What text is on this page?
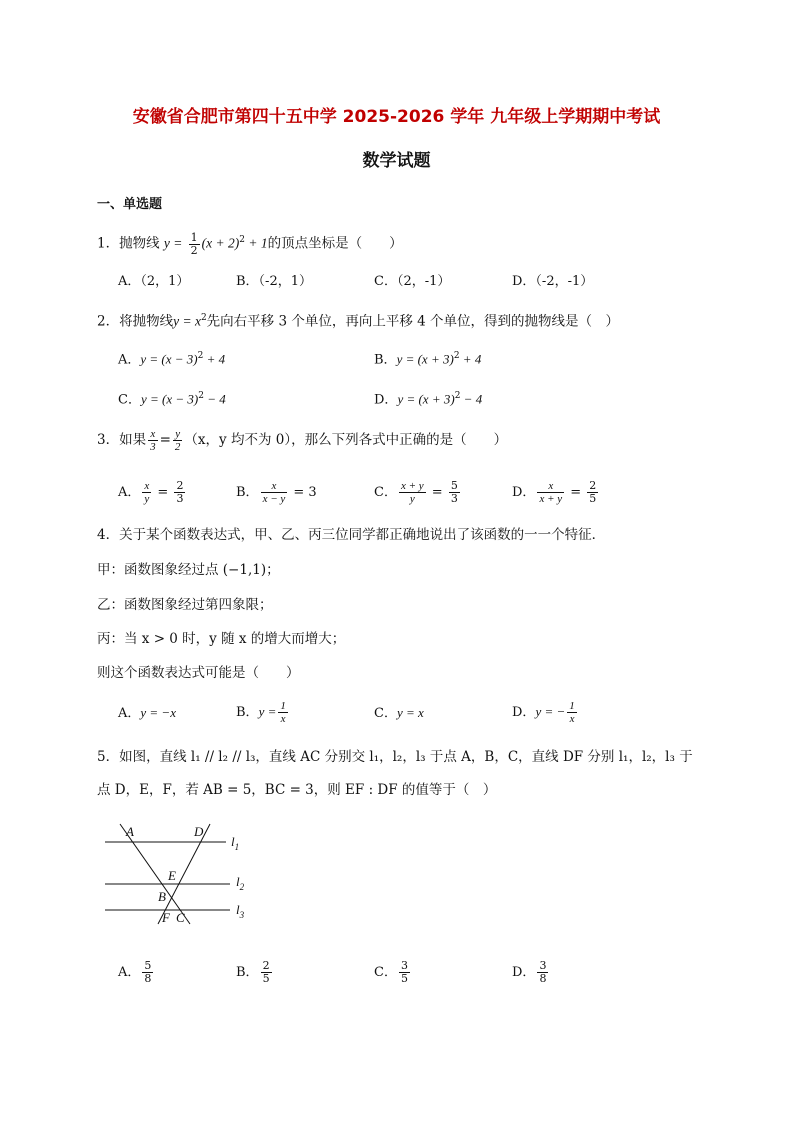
安徽省合肥市第四十五中学 2025-2026 学年 九年级上学期期中考试
数学试题
一、单选题
1．抛物线 $y = \frac{1}{2} (x + 2)^2 + 1$的顶点坐标是（　　）
A．（2，1）	B．（-2，1）	C．（2，-1）	D．（-2，-1）
2．将抛物线$y = x^2$先向右平移 3 个单位，再向上平移 4 个单位，得到的抛物线是（　）
A．$y = (x - 3)^2 + 4$	B．$y = (x + 3)^2 + 4$
C．$y = (x - 3)^2 - 4$	D．$y = (x + 3)^2 - 4$
3．如果 $\frac{x}{3} = \frac{y}{2} (x$，y 均不为 0），那么下列各式中正确的是（　　）
A． $\frac{x}{y} = \frac{2}{3}$	B． $\frac{x}{x - y} = 3$	C． $\frac{x + y}{y} = \frac{5}{3}$	D． $\frac{x}{x + y} = \frac{2}{5}$
4．关于某个函数表达式，甲、乙、丙三位同学都正确地说出了该函数的一一个特征．
甲：函数图象经过点 (−1,1)；
乙：函数图象经过第四象限；
丙：当 x > 0 时，y 随 x 的增大而增大；
则这个函数表达式可能是（　　）
A．y = −x	B．$y = \frac{1}{x}$	C．y = x	D．y = − $\frac{1}{x}$
5．如图，直线 l₁ // l₂ // l₃，直线 AC 分别交 l₁，l₂，l₃ 于点 A，B，C，直线 DF 分别 l₁，l₂，l₃ 于
点 D，E，F，若 AB = 5，BC = 3，则 EF : DF 的值等于（　）
A	D
E
B
F C
$l_1$
$l_2$
$l_3$
A． $\frac{5}{8}$	B． $\frac{2}{5}$	C． $\frac{3}{5}$	D． $\frac{3}{8}$
